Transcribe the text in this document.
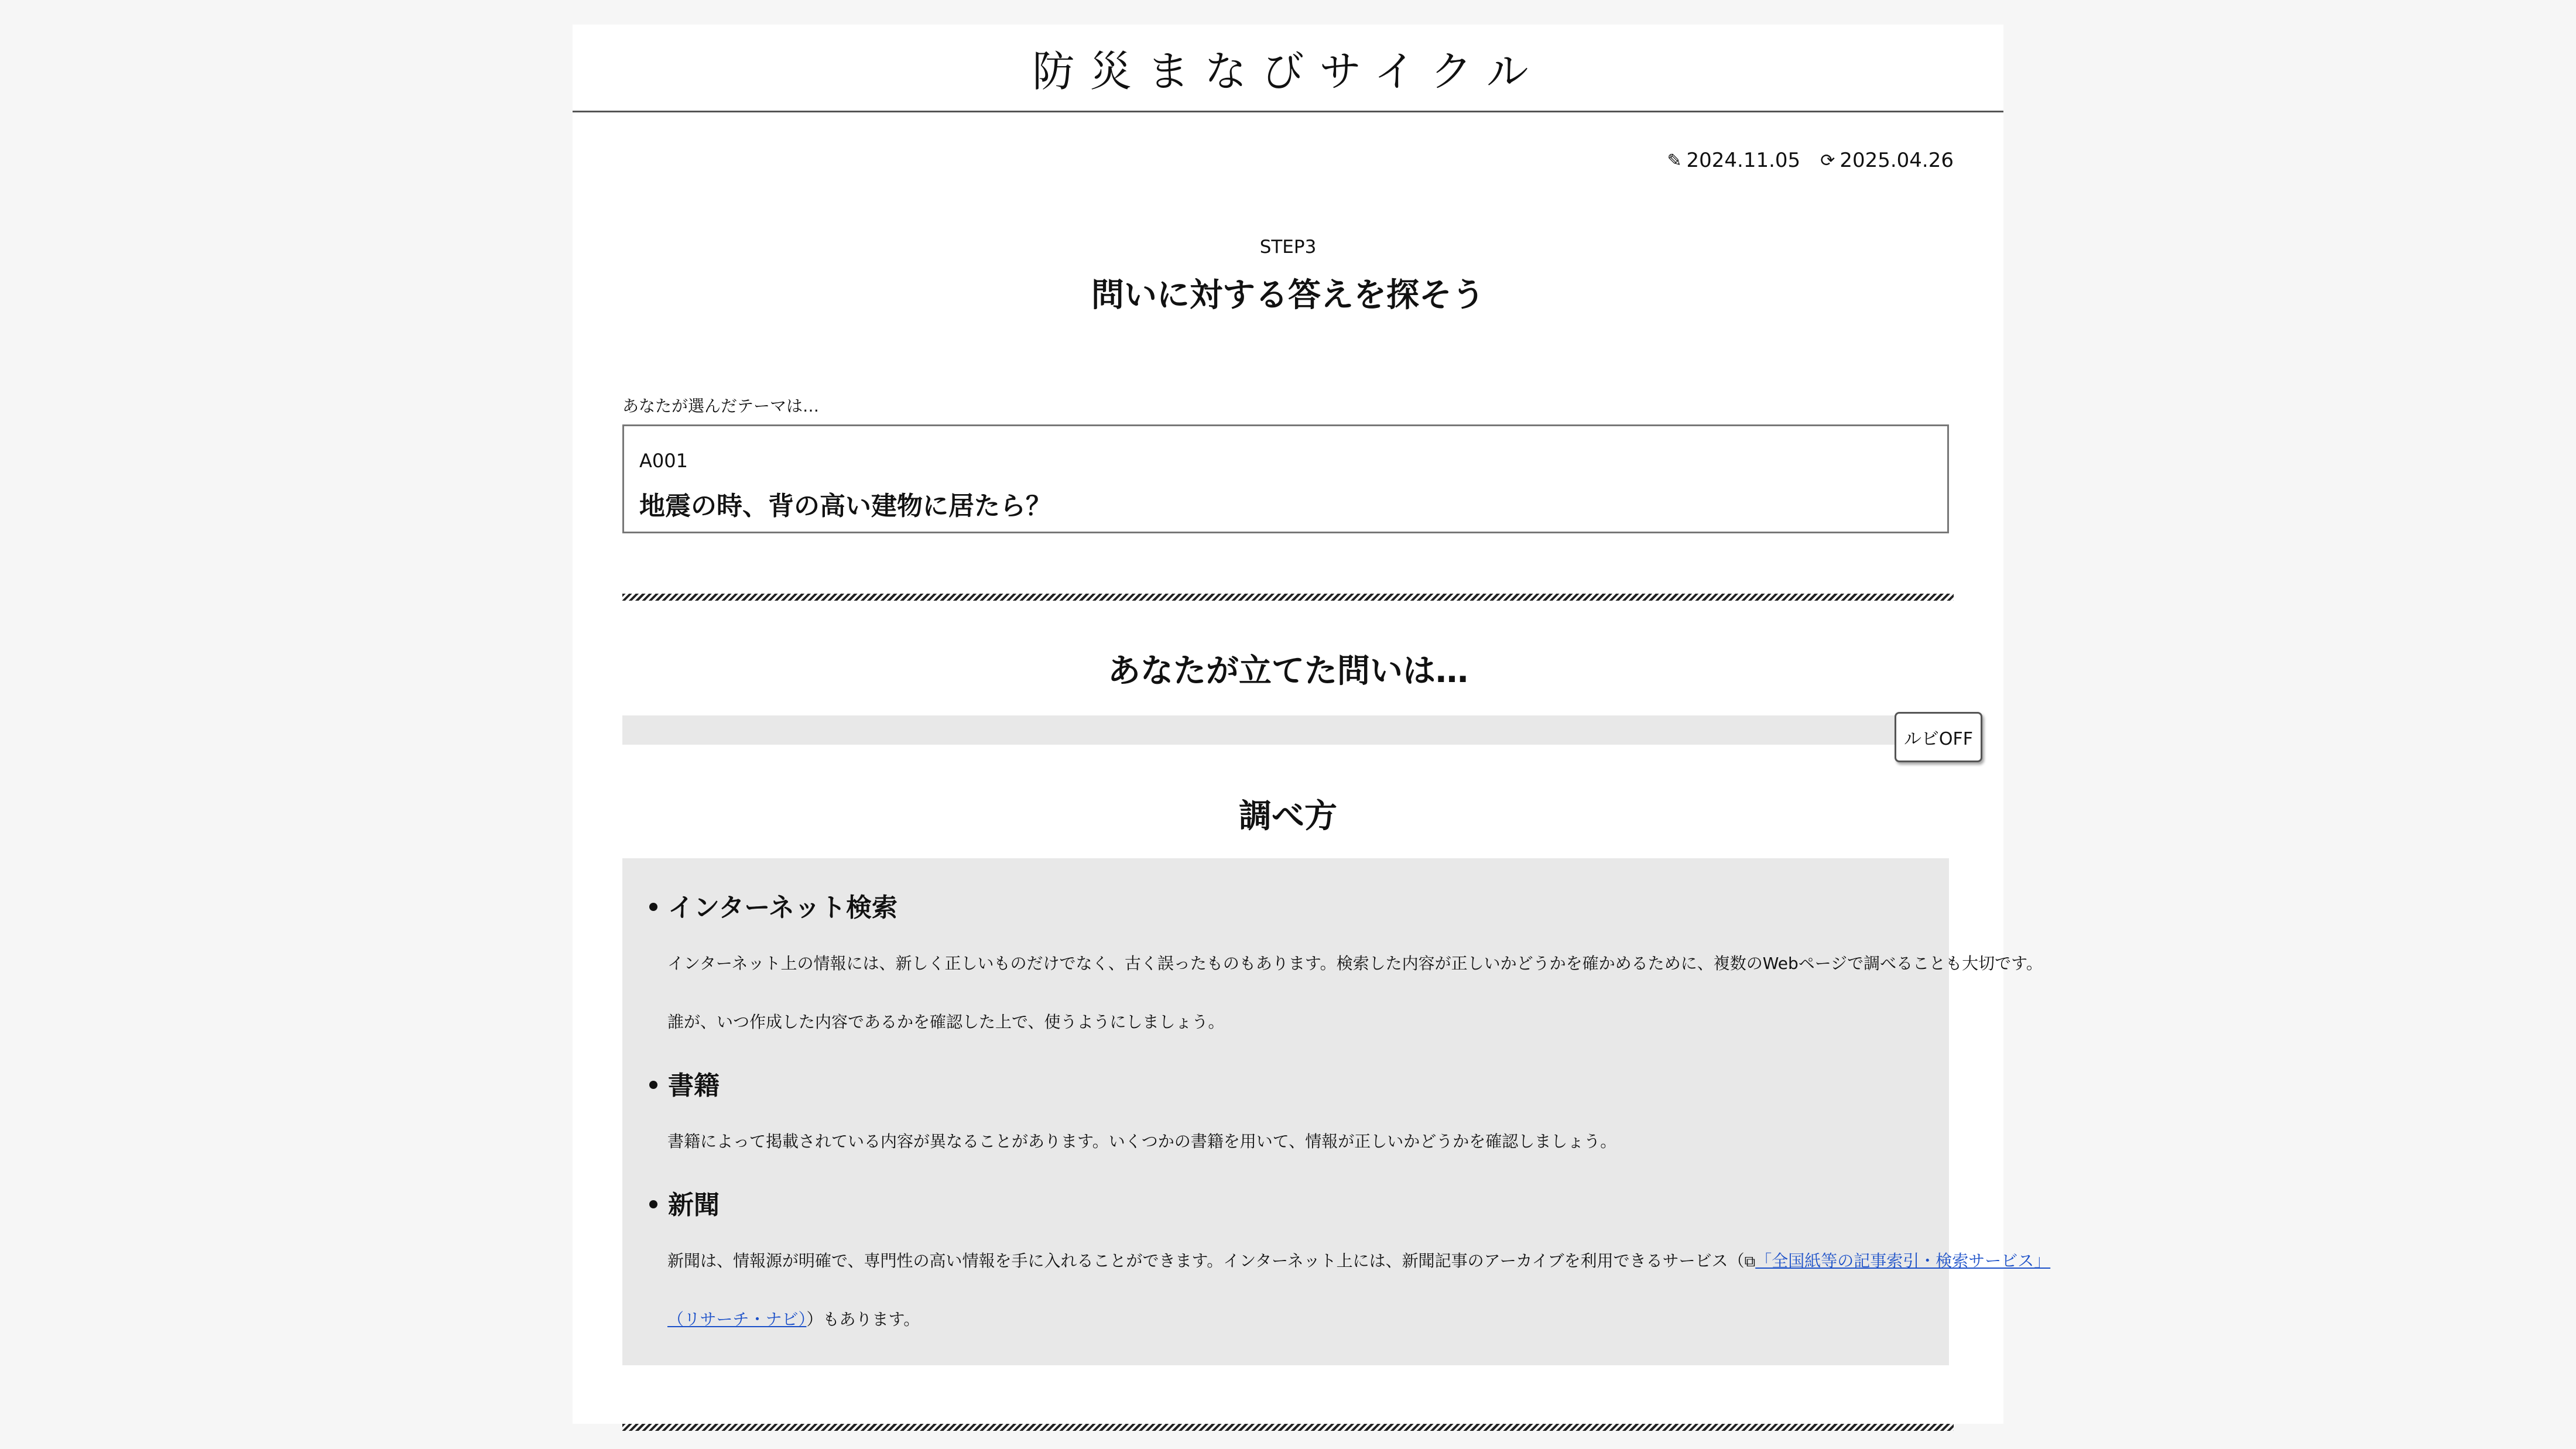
防災まなびサイクル
✎ 2024.11.05 ⟳ 2025.04.26
STEP3
問いに対する答えを探そう
あなたが選んだテーマは…
A001
地震の時、背の高い建物に居たら？
あなたが立てた問いは…
ルビOFF
調べ方
インターネット検索
インターネット上の情報には、新しく正しいものだけでなく、古く誤ったものもあります。検索した内容が正しいかどうかを確かめるために、複数のWebページで調べることも大切です。
誰が、いつ作成した内容であるかを確認した上で、使うようにしましょう。
書籍
書籍によって掲載されている内容が異なることがあります。いくつかの書籍を用いて、情報が正しいかどうかを確認しましょう。
新聞
新聞は、情報源が明確で、専門性の高い情報を手に入れることができます。インターネット上には、新聞記事のアーカイブを利用できるサービス（⧉「全国紙等の記事索引・検索サービス」
（リサーチ・ナビ））もあります。
